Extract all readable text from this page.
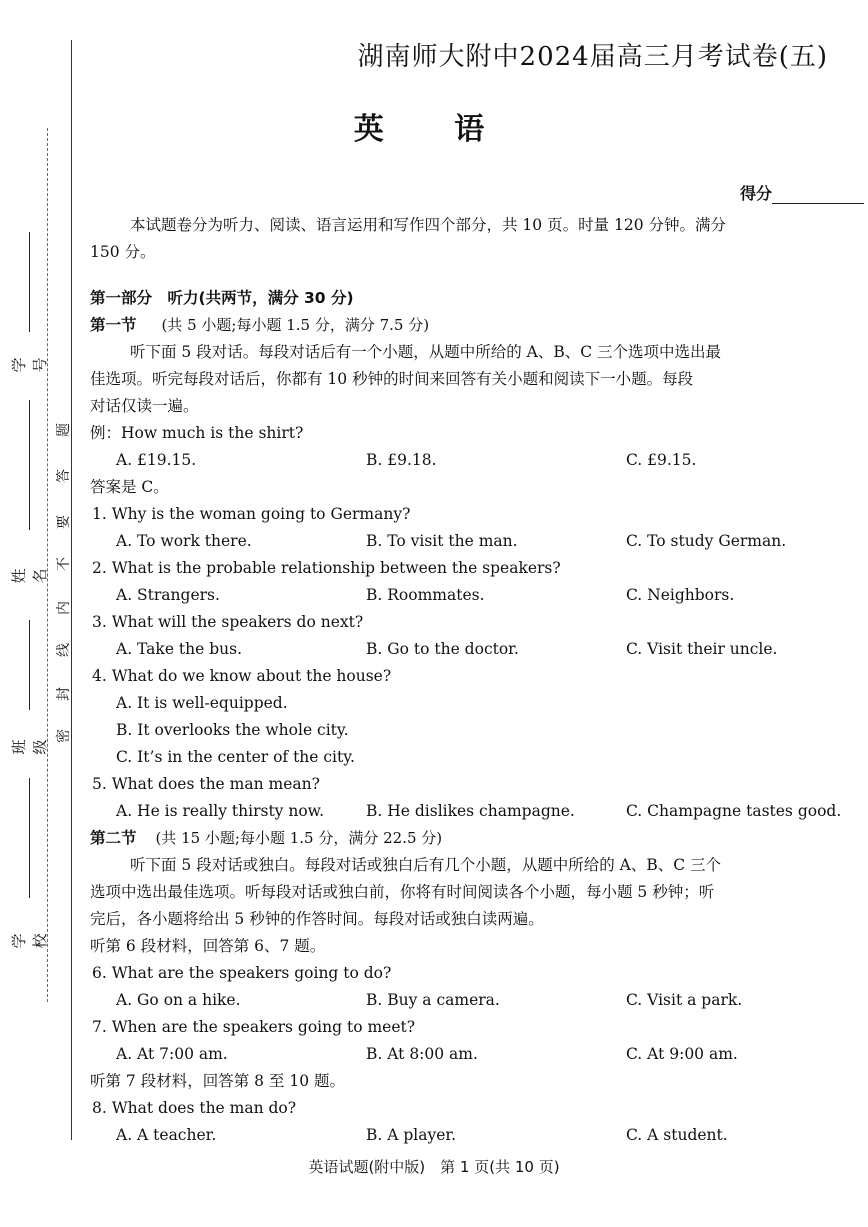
学号
姓名
班级
学校
题
答
要
不
内
线
封
密
湖南师大附中2024届高三月考试卷(五)
英 语
得分
本试题卷分为听力、阅读、语言运用和写作四个部分，共 10 页。时量 120 分钟。满分
150 分。
第一部分　听力(共两节，满分 30 分)
第一节 (共 5 小题;每小题 1.5 分，满分 7.5 分)
听下面 5 段对话。每段对话后有一个小题，从题中所给的 A、B、C 三个选项中选出最
佳选项。听完每段对话后，你都有 10 秒钟的时间来回答有关小题和阅读下一小题。每段
对话仅读一遍。
例：How much is the shirt?
A. £19.15.	B. £9.18.	C. £9.15.
答案是 C。
1. Why is the woman going to Germany?
A. To work there.	B. To visit the man.	C. To study German.
2. What is the probable relationship between the speakers?
A. Strangers.	B. Roommates.	C. Neighbors.
3. What will the speakers do next?
A. Take the bus.	B. Go to the doctor.	C. Visit their uncle.
4. What do we know about the house?
A. It is well-equipped.
B. It overlooks the whole city.
C. It’s in the center of the city.
5. What does the man mean?
A. He is really thirsty now.	B. He dislikes champagne.	C. Champagne tastes good.
第二节 (共 15 小题;每小题 1.5 分，满分 22.5 分)
听下面 5 段对话或独白。每段对话或独白后有几个小题，从题中所给的 A、B、C 三个
选项中选出最佳选项。听每段对话或独白前，你将有时间阅读各个小题，每小题 5 秒钟；听
完后，各小题将给出 5 秒钟的作答时间。每段对话或独白读两遍。
听第 6 段材料，回答第 6、7 题。
6. What are the speakers going to do?
A. Go on a hike.	B. Buy a camera.	C. Visit a park.
7. When are the speakers going to meet?
A. At 7:00 am.	B. At 8:00 am.	C. At 9:00 am.
听第 7 段材料，回答第 8 至 10 题。
8. What does the man do?
A. A teacher.	B. A player.	C. A student.
英语试题(附中版)　第 1 页(共 10 页)
